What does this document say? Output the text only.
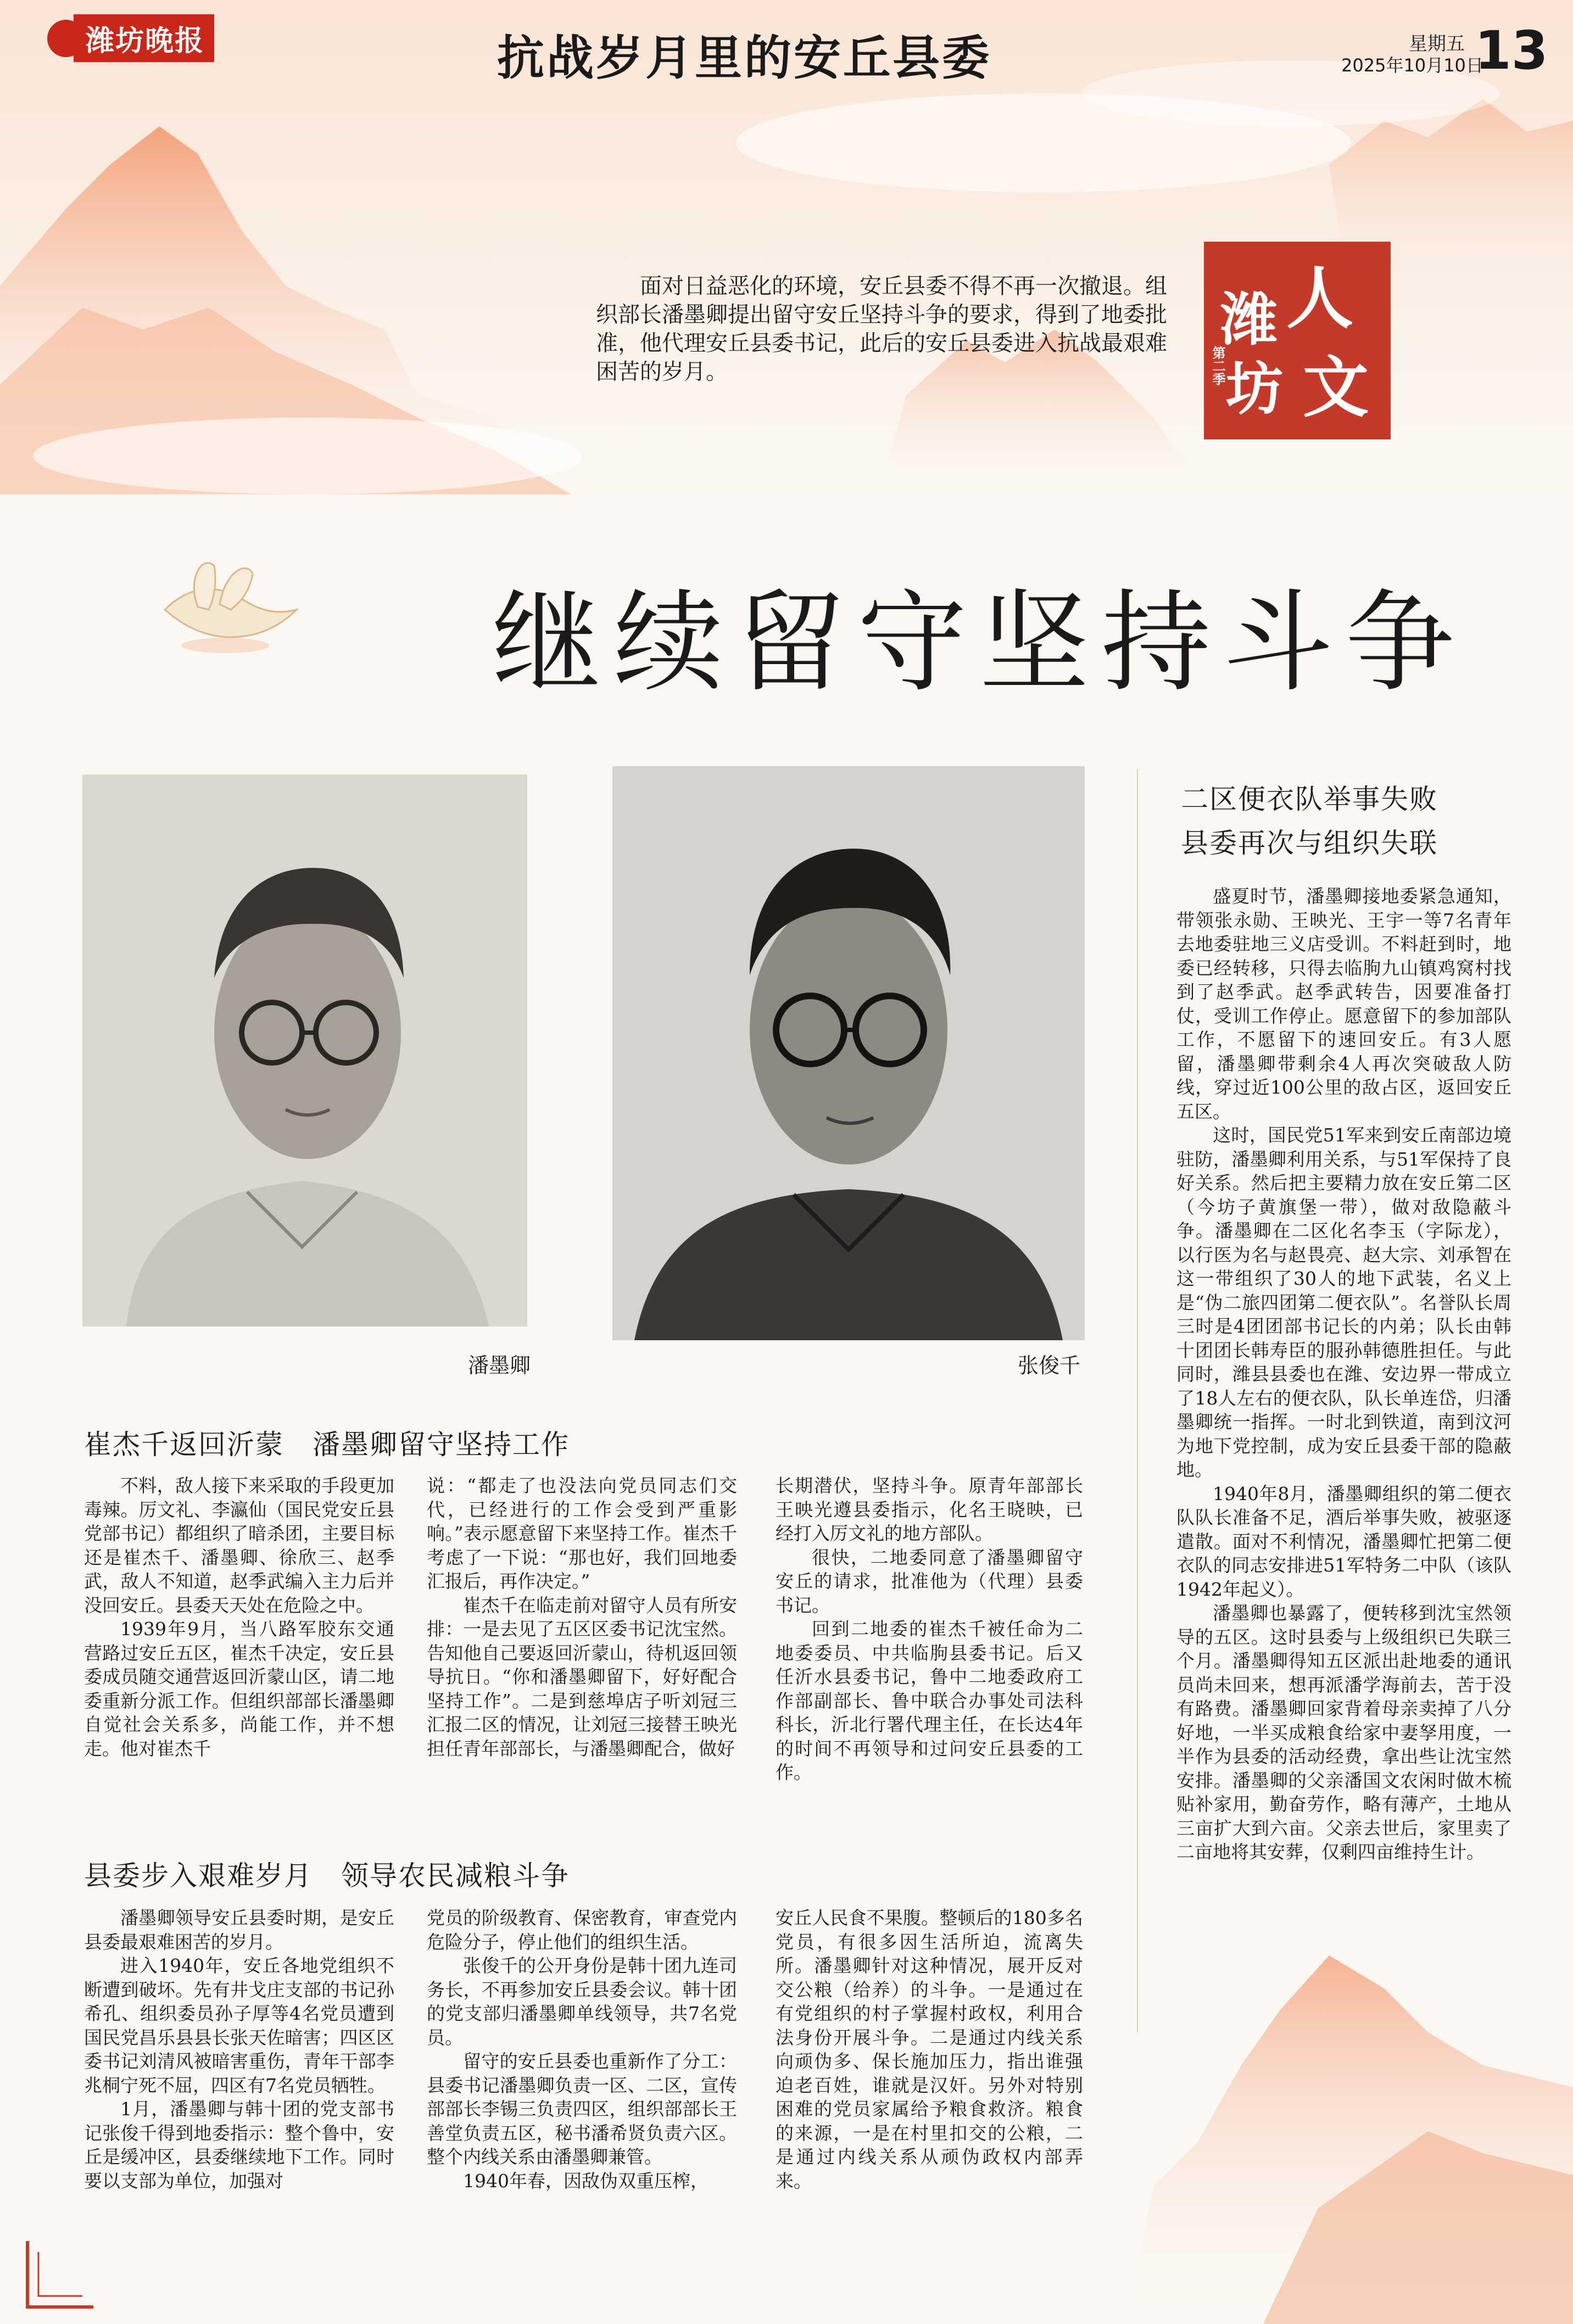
潍坊晚报	抗战岁月里的安丘县委	星期五
2025年10月10日
13
面对日益恶化的环境，安丘县委不得不再一次撤退。组织部长潘墨卿提出留守安丘坚持斗争的要求，得到了地委批准，他代理安丘县委书记，此后的安丘县委进入抗战最艰难困苦的岁月。
潍 人
坊 文
第二季
继续留守坚持斗争
潘墨卿	张俊千
崔杰千返回沂蒙　潘墨卿留守坚持工作

不料，敌人接下来采取的手段更加毒辣。厉文礼、李瀛仙（国民党安丘县党部书记）都组织了暗杀团，主要目标还是崔杰千、潘墨卿、徐欣三、赵季武，敌人不知道，赵季武编入主力后并没回安丘。县委天天处在危险之中。

1939年9月，当八路军胶东交通营路过安丘五区，崔杰千决定，安丘县委成员随交通营返回沂蒙山区，请二地委重新分派工作。但组织部部长潘墨卿自觉社会关系多，尚能工作，并不想走。他对崔杰千

说：“都走了也没法向党员同志们交代，已经进行的工作会受到严重影响。”表示愿意留下来坚持工作。崔杰千考虑了一下说：“那也好，我们回地委汇报后，再作决定。”

崔杰千在临走前对留守人员有所安排：一是去见了五区区委书记沈宝然。告知他自己要返回沂蒙山，待机返回领导抗日。“你和潘墨卿留下，好好配合坚持工作”。二是到慈埠店子听刘冠三汇报二区的情况，让刘冠三接替王映光担任青年部部长，与潘墨卿配合，做好

长期潜伏，坚持斗争。原青年部部长王映光遵县委指示，化名王晓映，已经打入厉文礼的地方部队。

很快，二地委同意了潘墨卿留守安丘的请求，批准他为（代理）县委书记。

回到二地委的崔杰千被任命为二地委委员、中共临朐县委书记。后又任沂水县委书记，鲁中二地委政府工作部副部长、鲁中联合办事处司法科科长，沂北行署代理主任，在长达4年的时间不再领导和过问安丘县委的工作。

县委步入艰难岁月　领导农民减粮斗争

潘墨卿领导安丘县委时期，是安丘县委最艰难困苦的岁月。

进入1940年，安丘各地党组织不断遭到破坏。先有井戈庄支部的书记孙希孔、组织委员孙子厚等4名党员遭到国民党昌乐县县长张天佐暗害；四区区委书记刘清风被暗害重伤，青年干部李兆桐宁死不屈，四区有7名党员牺牲。

1月，潘墨卿与韩十团的党支部书记张俊千得到地委指示：整个鲁中，安丘是缓冲区，县委继续地下工作。同时要以支部为单位，加强对

党员的阶级教育、保密教育，审查党内危险分子，停止他们的组织生活。

张俊千的公开身份是韩十团九连司务长，不再参加安丘县委会议。韩十团的党支部归潘墨卿单线领导，共7名党员。

留守的安丘县委也重新作了分工：县委书记潘墨卿负责一区、二区，宣传部部长李锡三负责四区，组织部部长王善堂负责五区，秘书潘希贤负责六区。整个内线关系由潘墨卿兼管。

1940年春，因敌伪双重压榨，

安丘人民食不果腹。整顿后的180多名党员，有很多因生活所迫，流离失所。潘墨卿针对这种情况，展开反对交公粮（给养）的斗争。一是通过在有党组织的村子掌握村政权，利用合法身份开展斗争。二是通过内线关系向顽伪多、保长施加压力，指出谁强迫老百姓，谁就是汉奸。另外对特别困难的党员家属给予粮食救济。粮食的来源，一是在村里扣交的公粮，二是通过内线关系从顽伪政权内部弄来。

二区便衣队举事失败
县委再次与组织失联

盛夏时节，潘墨卿接地委紧急通知，带领张永勋、王映光、王宇一等7名青年去地委驻地三义店受训。不料赶到时，地委已经转移，只得去临朐九山镇鸡窝村找到了赵季武。赵季武转告，因要准备打仗，受训工作停止。愿意留下的参加部队工作，不愿留下的速回安丘。有3人愿留，潘墨卿带剩余4人再次突破敌人防线，穿过近100公里的敌占区，返回安丘五区。

这时，国民党51军来到安丘南部边境驻防，潘墨卿利用关系，与51军保持了良好关系。然后把主要精力放在安丘第二区（今坊子黄旗堡一带），做对敌隐蔽斗争。潘墨卿在二区化名李玉（字际龙），以行医为名与赵畏亮、赵大宗、刘承智在这一带组织了30人的地下武装，名义上是“伪二旅四团第二便衣队”。名誉队长周三时是4团团部书记长的内弟；队长由韩十团团长韩寿臣的服孙韩德胜担任。与此同时，潍县县委也在潍、安边界一带成立了18人左右的便衣队，队长单连岱，归潘墨卿统一指挥。一时北到铁道，南到汶河为地下党控制，成为安丘县委干部的隐蔽地。

1940年8月，潘墨卿组织的第二便衣队队长准备不足，酒后举事失败，被驱逐遣散。面对不利情况，潘墨卿忙把第二便衣队的同志安排进51军特务二中队（该队1942年起义）。

潘墨卿也暴露了，便转移到沈宝然领导的五区。这时县委与上级组织已失联三个月。潘墨卿得知五区派出赴地委的通讯员尚未回来，想再派潘学海前去，苦于没有路费。潘墨卿回家背着母亲卖掉了八分好地，一半买成粮食给家中妻孥用度，一半作为县委的活动经费，拿出些让沈宝然安排。潘墨卿的父亲潘国文农闲时做木梳贴补家用，勤奋劳作，略有薄产，土地从三亩扩大到六亩。父亲去世后，家里卖了二亩地将其安葬，仅剩四亩维持生计。
